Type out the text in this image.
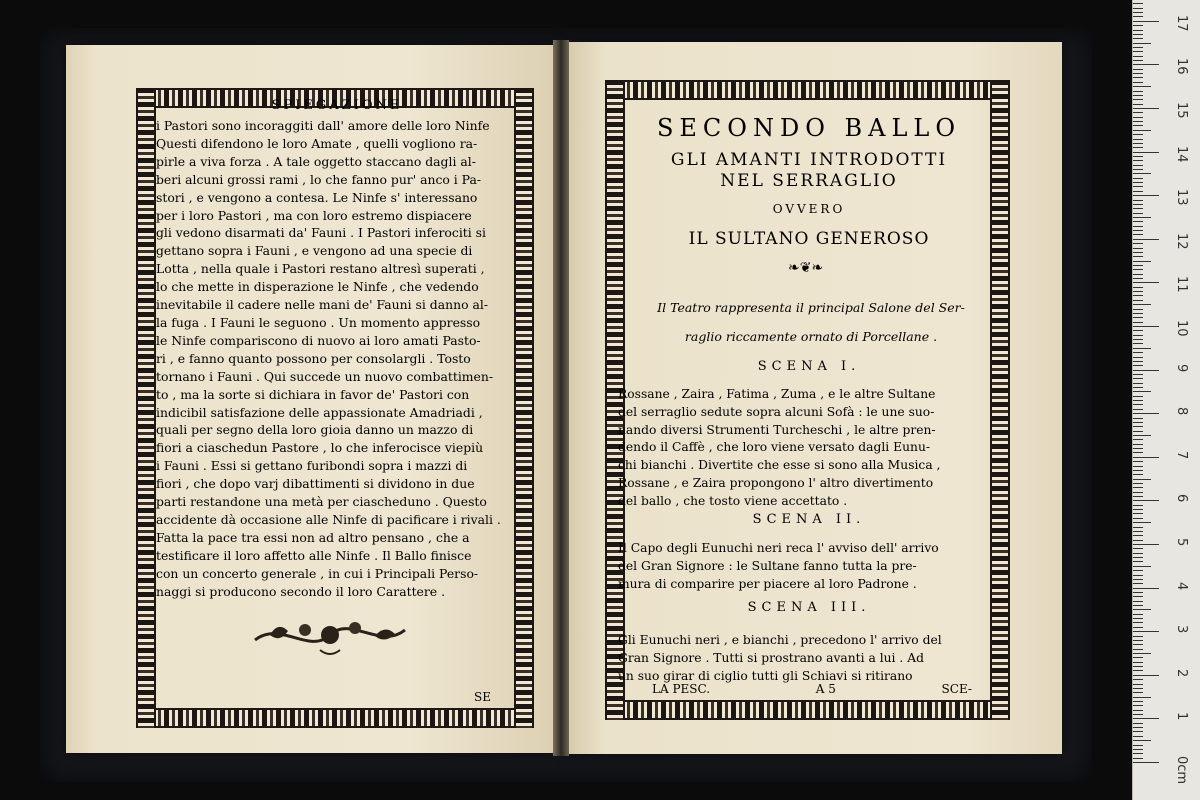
SPIEGAZIONE

i Pastori sono incoraggiti dall' amore delle loro Ninfe

Questi difendono le loro Amate , quelli vogliono ra-

pirle a viva forza . A tale oggetto staccano dagli al-

beri alcuni grossi rami , lo che fanno pur' anco i Pa-

stori , e vengono a contesa. Le Ninfe s' interessano

per i loro Pastori , ma con loro estremo dispiacere

gli vedono disarmati da' Fauni . I Pastori inferociti si

gettano sopra i Fauni , e vengono ad una specie di

Lotta , nella quale i Pastori restano altresì superati ,

lo che mette in disperazione le Ninfe , che vedendo

inevitabile il cadere nelle mani de' Fauni si danno al-

la fuga . I Fauni le seguono . Un momento appresso

le Ninfe compariscono di nuovo ai loro amati Pasto-

ri , e fanno quanto possono per consolargli . Tosto

tornano i Fauni . Qui succede un nuovo combattimen-

to , ma la sorte si dichiara in favor de' Pastori con

indicibil satisfazione delle appassionate Amadriadi ,

quali per segno della loro gioia danno un mazzo di

fiori a ciaschedun Pastore , lo che inferocisce viepiù

i Fauni . Essi si gettano furibondi sopra i mazzi di

fiori , che dopo varj dibattimenti si dividono in due

parti restandone una metà per ciascheduno . Questo

accidente dà occasione alle Ninfe di pacificare i rivali .

Fatta la pace tra essi non ad altro pensano , che a

testificare il loro affetto alle Ninfe . Il Ballo finisce

con un concerto generale , in cui i Principali Perso-

naggi si producono secondo il loro Carattere .

SE
SECONDO BALLO
GLI AMANTI INTRODOTTI
NEL SERRAGLIO
OVVERO
IL SULTANO GENEROSO
❧❦❧

Il Teatro rappresenta il principal Salone del Ser-

raglio riccamente ornato di Porcellane .

SCENA I.

Rossane , Zaira , Fatima , Zuma , e le altre Sultane

del serraglio sedute sopra alcuni Sofà : le une suo-

nando diversi Strumenti Turcheschi , le altre pren-

dendo il Caffè , che loro viene versato dagli Eunu-

chi bianchi . Divertite che esse si sono alla Musica ,

Rossane , e Zaira propongono l' altro divertimento

del ballo , che tosto viene accettato .

SCENA II.

Il Capo degli Eunuchi neri reca l' avviso dell' arrivo

del Gran Signore : le Sultane fanno tutta la pre-

mura di comparire per piacere al loro Padrone .

SCENA III.

Gli Eunuchi neri , e bianchi , precedono l' arrivo del

Gran Signore . Tutti si prostrano avanti a lui . Ad

un suo girar di ciglio tutti gli Schiavi si ritirano

LA PESC.	A 5	SCE-
0cm
1
2
3
4
5
6
7
8
9
10
11
12
13
14
15
16
17
